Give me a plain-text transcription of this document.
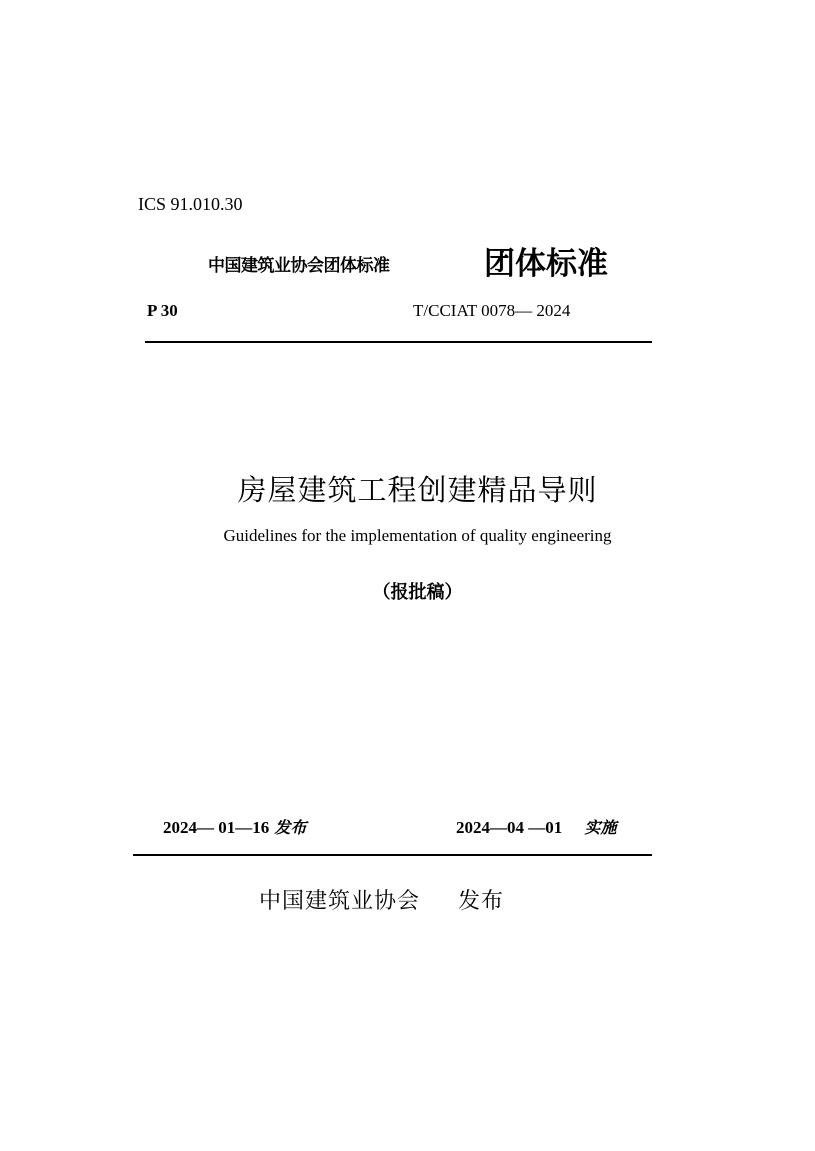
ICS 91.010.30
中国建筑业协会团体标准	团体标准
P 30	T/CCIAT 0078— 2024
房屋建筑工程创建精品导则
Guidelines for the implementation of quality engineering
（报批稿）
2024— 01—16 发布	2024—04 —01 实施
中国建筑业协会 发布
